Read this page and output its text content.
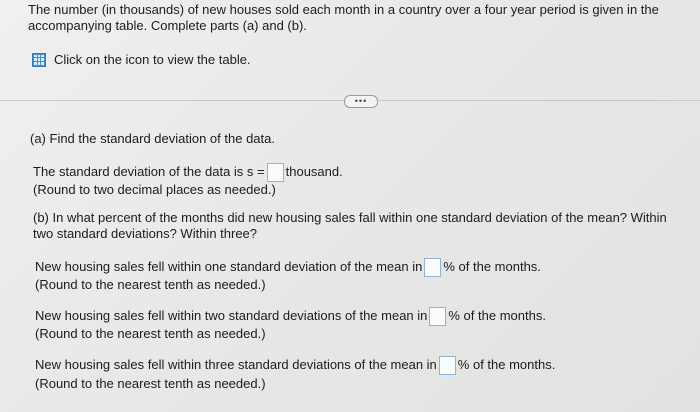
The number (in thousands) of new houses sold each month in a country over a four year period is given in the
accompanying table. Complete parts (a) and (b).
Click on the icon to view the table.
•••
(a) Find the standard deviation of the data.
The standard deviation of the data is s = thousand.
(Round to two decimal places as needed.)
(b) In what percent of the months did new housing sales fall within one standard deviation of the mean? Within two standard deviations? Within three?
New housing sales fell within one standard deviation of the mean in % of the months.
(Round to the nearest tenth as needed.)
New housing sales fell within two standard deviations of the mean in % of the months.
(Round to the nearest tenth as needed.)
New housing sales fell within three standard deviations of the mean in % of the months.
(Round to the nearest tenth as needed.)
